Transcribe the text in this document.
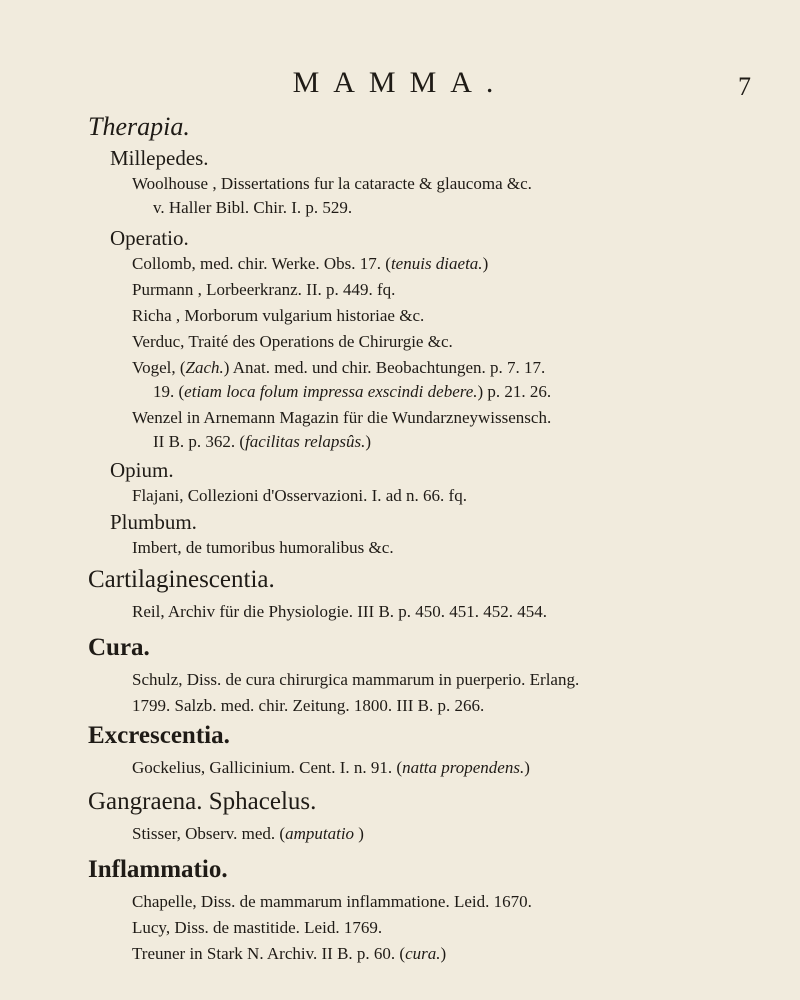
MAMMA.	7
Therapia.
Millepedes.
Woolhouse , Dissertations fur la cataracte & glaucoma &c.
v. Haller Bibl. Chir. I. p. 529.
Operatio.
Collomb, med. chir. Werke. Obs. 17. (tenuis diaeta.)
Purmann , Lorbeerkranz. II. p. 449. fq.
Richa , Morborum vulgarium historiae &c.
Verduc, Traité des Operations de Chirurgie &c.
Vogel, (Zach.) Anat. med. und chir. Beobachtungen. p. 7. 17.
19. (etiam loca folum impressa exscindi debere.) p. 21. 26.
Wenzel in Arnemann Magazin für die Wundarzneywissensch.
II B. p. 362. (facilitas relapsûs.)
Opium.
Flajani, Collezioni d'Osservazioni. I. ad n. 66. fq.
Plumbum.
Imbert, de tumoribus humoralibus &c.
Cartilaginescentia.
Reil, Archiv für die Physiologie. III B. p. 450. 451. 452. 454.
Cura.
Schulz, Diss. de cura chirurgica mammarum in puerperio. Erlang.
1799. Salzb. med. chir. Zeitung. 1800. III B. p. 266.
Excrescentia.
Gockelius, Gallicinium. Cent. I. n. 91. (natta propendens.)
Gangraena. Sphacelus.
Stisser, Observ. med. (amputatio )
Inflammatio.
Chapelle, Diss. de mammarum inflammatione. Leid. 1670.
Lucy, Diss. de mastitide. Leid. 1769.
Treuner in Stark N. Archiv. II B. p. 60. (cura.)
